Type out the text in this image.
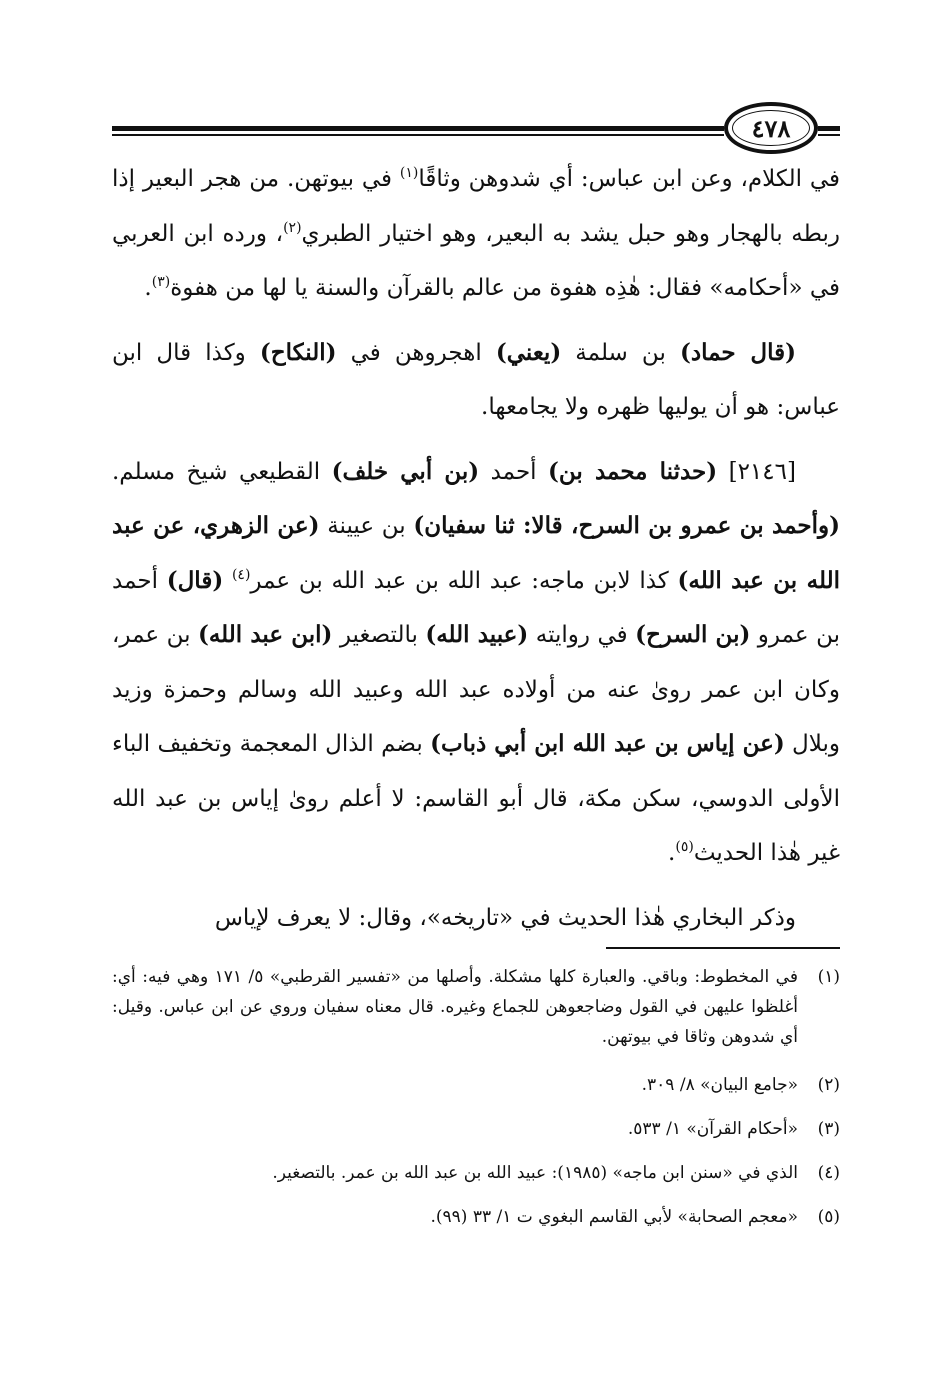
٤٧٨

في الكلام، وعن ابن عباس: أي شدوهن وثاقًا$^{(١)}$ في بيوتهن. من هجر البعير إذا ربطه بالهجار وهو حبل يشد به البعير، وهو اختيار الطبري$^{(٢)}$، ورده ابن العربي في «أحكامه» فقال: هٰذِه هفوة من عالم بالقرآن والسنة يا لها من هفوة$^{(٣)}$.

(قال حماد) بن سلمة (يعني) اهجروهن في (النكاح) وكذا قال ابن عباس: هو أن يوليها ظهره ولا يجامعها.

[٢١٤٦] (حدثنا محمد بن) أحمد (بن أبي خلف) القطيعي شيخ مسلم. (وأحمد بن عمرو بن السرح، قالا: ثنا سفيان) بن عيينة (عن الزهري، عن عبد الله بن عبد الله) كذا لابن ماجه: عبد الله بن عبد الله بن عمر$^{(٤)}$ (قال) أحمد بن عمرو (بن السرح) في روايته (عبيد الله) بالتصغير (ابن عبد الله) بن عمر، وكان ابن عمر روىٰ عنه من أولاده عبد الله وعبيد الله وسالم وحمزة وزيد وبلال (عن إياس بن عبد الله ابن أبي ذباب) بضم الذال المعجمة وتخفيف الباء الأولى الدوسي، سكن مكة، قال أبو القاسم: لا أعلم روىٰ إياس بن عبد الله غير هٰذا الحديث$^{(٥)}$.

وذكر البخاري هٰذا الحديث في «تاريخه»، وقال: لا يعرف لإياس

(١)
في المخطوط: وباقي. والعبارة كلها مشكلة. وأصلها من «تفسير القرطبي» ٥/ ١٧١ وهي فيه: أي: أغلظوا عليهن في القول وضاجعوهن للجماع وغيره. قال معناه سفيان وروي عن ابن عباس. وقيل: أي شدوهن وثاقا في بيوتهن.
(٢)
«جامع البيان» ٨/ ٣٠٩.
(٣)
«أحكام القرآن» ١/ ٥٣٣.
(٤)
الذي في «سنن ابن ماجه» (١٩٨٥): عبيد الله بن عبد الله بن عمر. بالتصغير.
(٥)
«معجم الصحابة» لأبي القاسم البغوي ت ١/ ٣٣ (٩٩).
